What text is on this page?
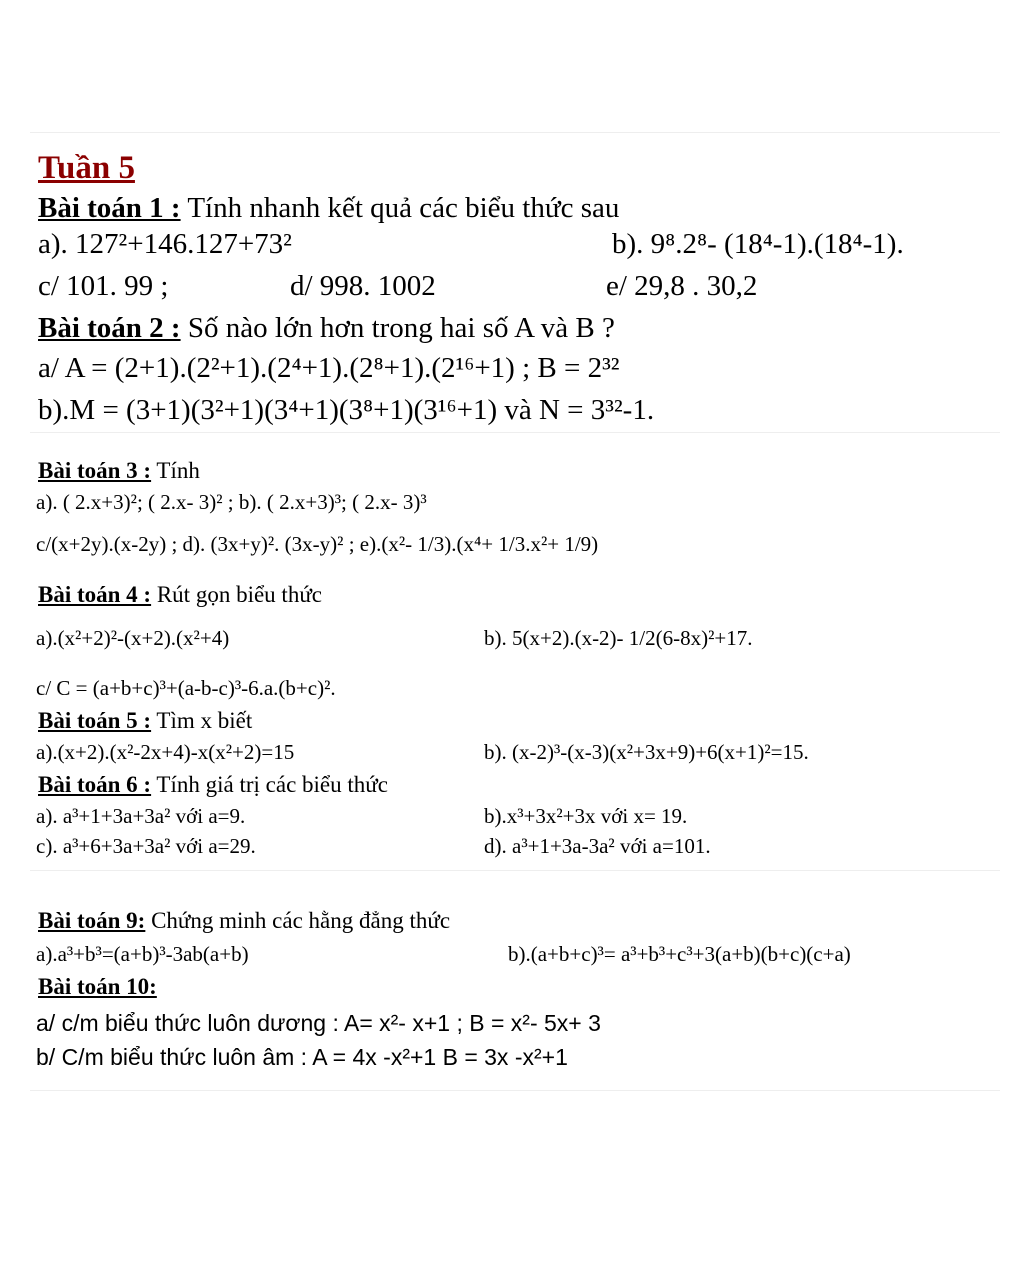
Tuần 5
Bài toán 1 : Tính nhanh kết quả các biểu thức sau
a). 127²+146.127+73²	b). 9⁸.2⁸- (18⁴-1).(18⁴-1).
c/ 101. 99 ;	d/ 998. 1002	e/ 29,8 . 30,2
Bài toán 2 : Số nào lớn hơn trong hai số A và B ?
a/ A = (2+1).(2²+1).(2⁴+1).(2⁸+1).(2¹⁶+1) ; B = 2³²
b).M = (3+1)(3²+1)(3⁴+1)(3⁸+1)(3¹⁶+1) và N = 3³²-1.
Bài toán 3 : Tính
a). ( 2.x+3)²; ( 2.x- 3)² ; b). ( 2.x+3)³; ( 2.x- 3)³
c/(x+2y).(x-2y) ; d). (3x+y)². (3x-y)² ; e).(x²- 1/3).(x⁴+ 1/3.x²+ 1/9)
Bài toán 4 : Rút gọn biểu thức
a).(x²+2)²-(x+2).(x²+4)	b). 5(x+2).(x-2)- 1/2(6-8x)²+17.
c/ C = (a+b+c)³+(a-b-c)³-6.a.(b+c)².
Bài toán 5 : Tìm x biết
a).(x+2).(x²-2x+4)-x(x²+2)=15	b). (x-2)³-(x-3)(x²+3x+9)+6(x+1)²=15.
Bài toán 6 : Tính giá trị các biểu thức
a). a³+1+3a+3a² với a=9.	b).x³+3x²+3x với x= 19.
c). a³+6+3a+3a² với a=29.	d). a³+1+3a-3a² với a=101.
Bài toán 9: Chứng minh các hằng đẳng thức
a).a³+b³=(a+b)³-3ab(a+b)	b).(a+b+c)³= a³+b³+c³+3(a+b)(b+c)(c+a)
Bài toán 10:
a/ c/m biểu thức luôn dương : A= x²- x+1 ; B = x²- 5x+ 3
b/ C/m biểu thức luôn âm : A = 4x -x²+1 B = 3x -x²+1
